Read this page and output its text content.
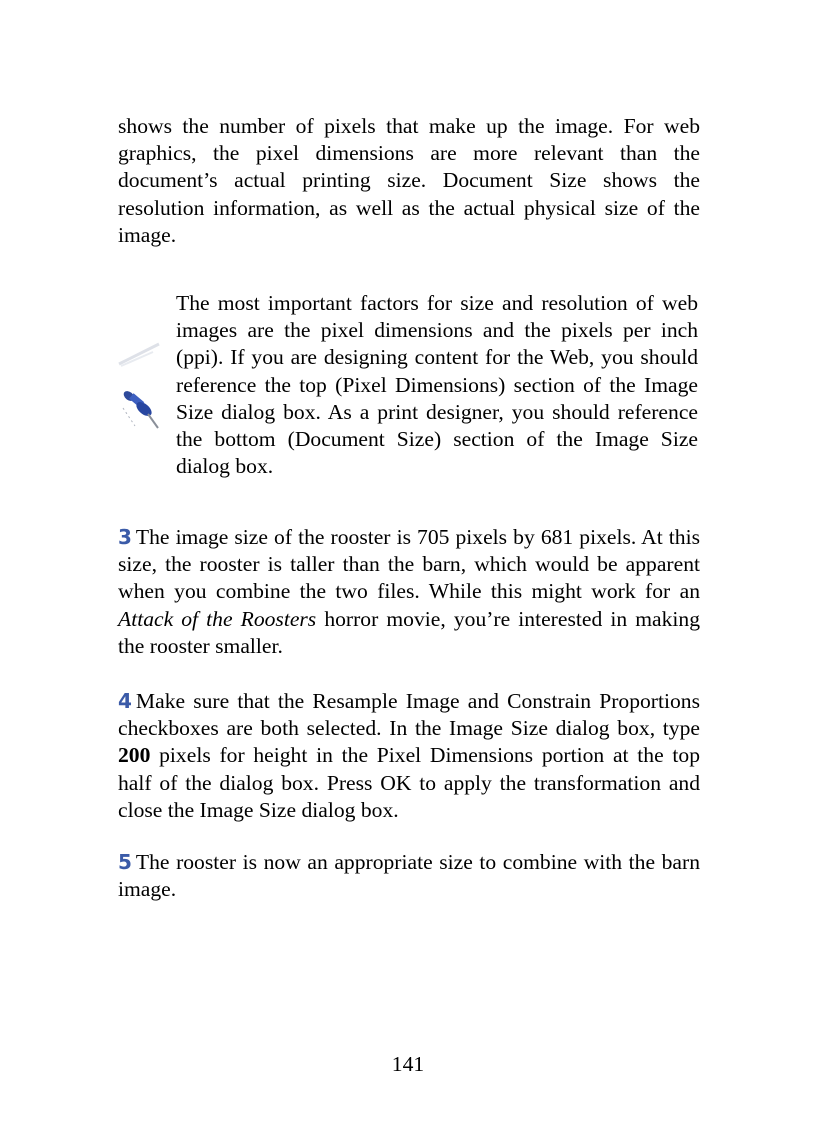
shows the number of pixels that make up the image. For web graphics, the pixel dimensions are more relevant than the document’s actual printing size. Document Size shows the resolution information, as well as the actual physical size of the image.

The most important factors for size and resolution of web images are the pixel dimensions and the pixels per inch (ppi). If you are designing content for the Web, you should reference the top (Pixel Dimensions) section of the Image Size dialog box. As a print designer, you should reference the bottom (Document Size) section of the Image Size dialog box.

3 The image size of the rooster is 705 pixels by 681 pixels. At this size, the rooster is taller than the barn, which would be apparent when you combine the two files. While this might work for an Attack of the Roosters horror movie, you’re interested in making the rooster smaller.

4 Make sure that the Resample Image and Constrain Proportions checkboxes are both selected. In the Image Size dialog box, type 200 pixels for height in the Pixel Dimensions portion at the top half of the dialog box. Press OK to apply the transformation and close the Image Size dialog box.

5 The rooster is now an appropriate size to combine with the barn image.

141
